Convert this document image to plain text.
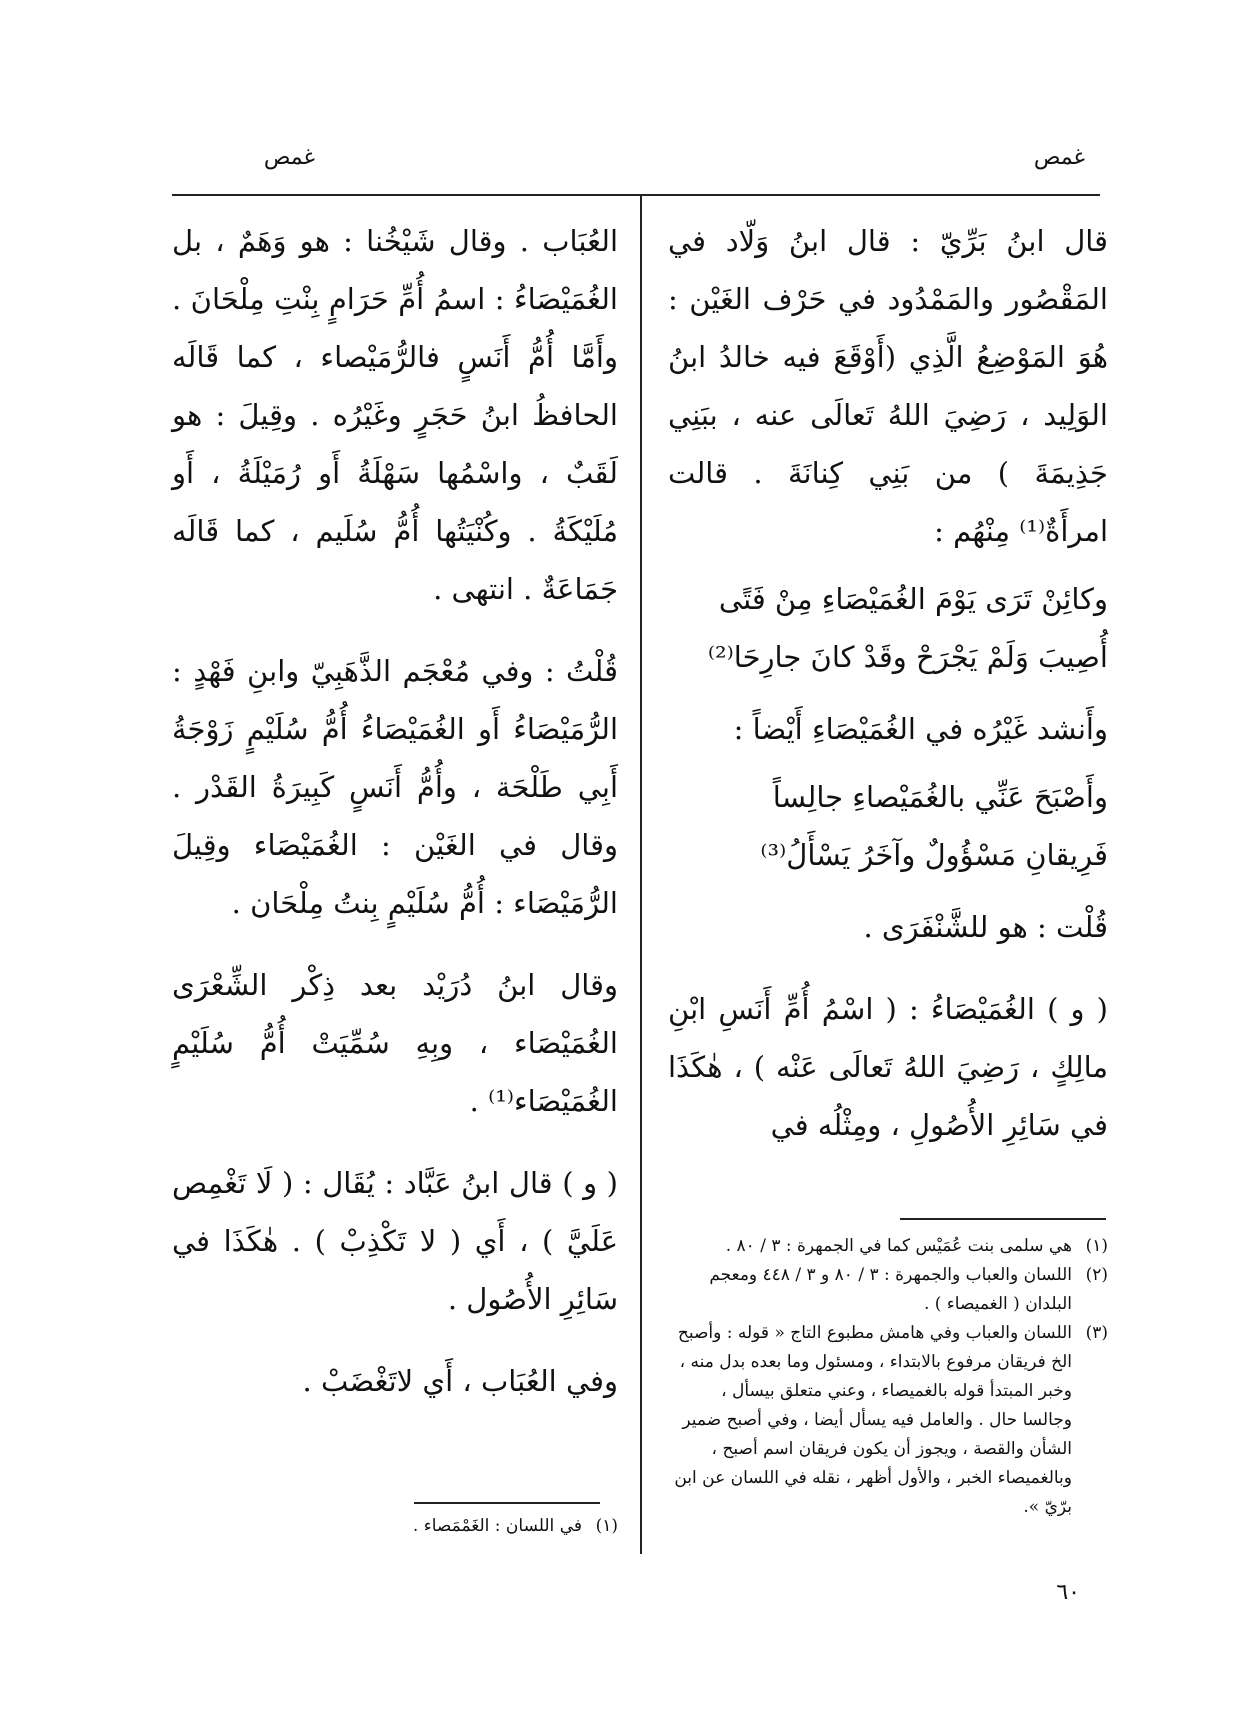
غمص
غمص

قال ابنُ بَرِّيّ : قال ابنُ وَلّاد في المَقْصُور والمَمْدُود في حَرْف الغَيْن : هُوَ المَوْضِعُ الَّذِي (أَوْقَعَ فيه خالدُ ابنُ الوَلِيد ، رَضِيَ اللهُ تَعالَى عنه ، ببَنِي جَذِيمَةَ ) من بَنِي كِنانَةَ . قالت امرأَةٌ⁽¹⁾ مِنْهُم :

وكائِنْ تَرَى يَوْمَ الغُمَيْصَاءِ مِنْ فَتًى

أُصِيبَ وَلَمْ يَجْرَحْ وقَدْ كانَ جارِحَا⁽²⁾

وأَنشد غَيْرُه في الغُمَيْصَاءِ أَيْضاً :

وأَصْبَحَ عَنِّي بالغُمَيْصاءِ جالِساً

فَرِيقانِ مَسْؤُولٌ وآخَرُ يَسْأَلُ⁽³⁾

قُلْت : هو للشَّنْفَرَى .

( و ) الغُمَيْصَاءُ : ( اسْمُ أُمِّ أَنَسِ ابْنِ مالِكٍ ، رَضِيَ اللهُ تَعالَى عَنْه ) ، هٰكَذَا في سَائِرِ الأُصُولِ ، ومِثْلُه في

العُبَاب . وقال شَيْخُنا : هو وَهَمٌ ، بل الغُمَيْصَاءُ : اسمُ أُمِّ حَرَامٍ بِنْتِ مِلْحَانَ . وأَمَّا أُمُّ أَنَسٍ فالرُّمَيْصاء ، كما قَالَه الحافظُ ابنُ حَجَرٍ وغَيْرُه . وقِيلَ : هو لَقَبٌ ، واسْمُها سَهْلَةُ أَو رُمَيْلَةُ ، أَو مُلَيْكَةُ . وكُنْيَتُها أُمُّ سُلَيم ، كما قَالَه جَمَاعَةٌ . انتهى .

قُلْتُ : وفي مُعْجَم الذَّهَبِيّ وابنِ فَهْدٍ : الرُّمَيْصَاءُ أَو الغُمَيْصَاءُ أُمُّ سُلَيْمٍ زَوْجَةُ أَبِي طَلْحَة ، وأُمُّ أَنَسٍ كَبِيرَةُ القَدْر . وقال في الغَيْن : الغُمَيْصَاء وقِيلَ الرُّمَيْصَاء : أُمُّ سُلَيْمٍ بِنتُ مِلْحَان .

وقال ابنُ دُرَيْد بعد ذِكْر الشِّعْرَى الغُمَيْصَاء ، وبِهِ سُمِّيَتْ أُمُّ سُلَيْمٍ الغُمَيْصَاء⁽¹⁾ .

( و ) قال ابنُ عَبَّاد : يُقَال : ( لَا تَغْمِص عَلَيَّ ) ، أَي ( لا تَكْذِبْ ) . هٰكَذَا في سَائِرِ الأُصُول .

وفي العُبَاب ، أَي لاتَغْضَبْ .

(١)
هي سلمى بنت عُمَيْس كما في الجمهرة : ٣ / ٨٠ .
(٢)
اللسان والعباب والجمهرة : ٣ / ٨٠ و ٣ / ٤٤٨ ومعجم البلدان ( الغميصاء ) .
(٣)
اللسان والعباب وفي هامش مطبوع التاج « قوله : وأصبح الخ فريقان مرفوع بالابتداء ، ومسئول وما بعده بدل منه ، وخبر المبتدأ قوله بالغميصاء ، وعني متعلق بيسأل ، وجالسا حال . والعامل فيه يسأل أيضا ، وفي أصبح ضمير الشأن والقصة ، ويجوز أن يكون فريقان اسم أصبح ، وبالغميصاء الخبر ، والأول أظهر ، نقله في اللسان عن ابن برّيّ ».
(١)
في اللسان : الغَمْمَصاء .
٦٠
